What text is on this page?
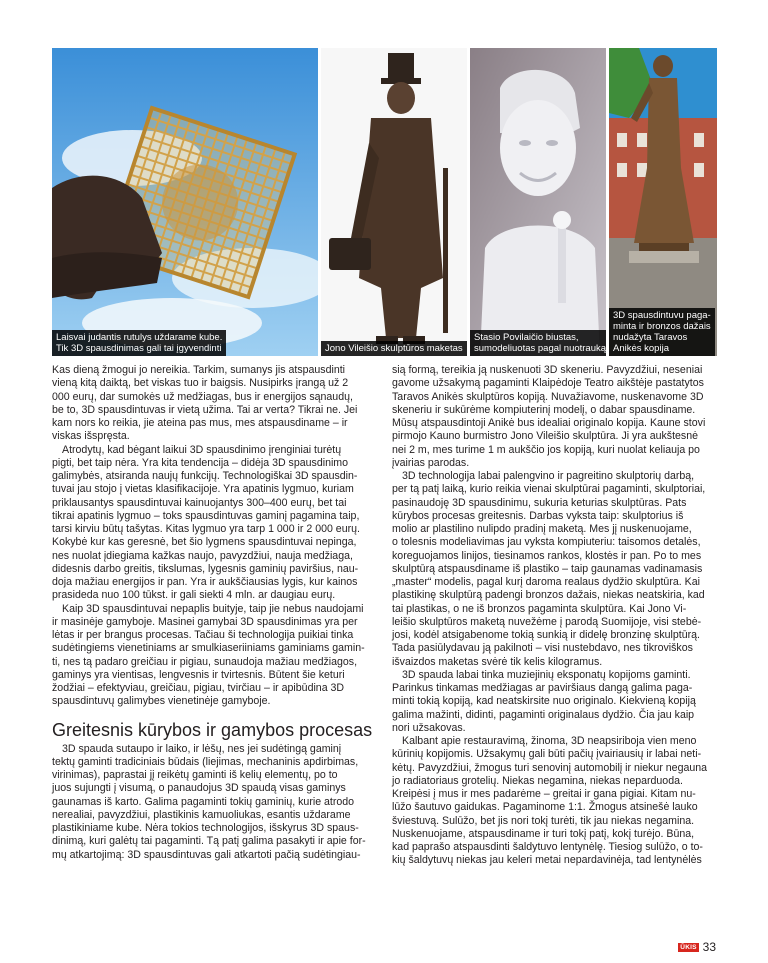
Laisvai judantis rutulys uždarame kube.
Tik 3D spausdinimas gali tai įgyvendinti	Jono Vileišio skulptūros maketas
Stasio Povilaičio biustas,
sumodeliuotas pagal nuotrauką
3D spausdintuvu paga-
minta ir bronzos dažais
nudažyta Taravos
Anikės kopija

Kas dieną žmogui jo nereikia. Tarkim, sumanys jis atspausdinti
vieną kitą daiktą, bet viskas tuo ir baigsis. Nusipirks įrangą už 2
000 eurų, dar sumokės už medžiagas, bus ir energijos sąnaudų,
be to, 3D spausdintuvas ir vietą užima. Tai ar verta? Tikrai ne. Jei
kam nors ko reikia, jie ateina pas mus, mes atspausdiname – ir
viskas išspręsta.

Atrodytų, kad bėgant laikui 3D spausdinimo įrenginiai turėtų
pigti, bet taip nėra. Yra kita tendencija – didėja 3D spausdinimo
galimybės, atsiranda naujų funkcijų. Technologiškai 3D spausdin-
tuvai jau stojo į vietas klasifikacijoje. Yra apatinis lygmuo, kuriam
priklausantys spausdintuvai kainuojantys 300–400 eurų, bet tai
tikrai apatinis lygmuo – toks spausdintuvas gaminį pagamina taip,
tarsi kirviu būtų tašytas. Kitas lygmuo yra tarp 1 000 ir 2 000 eurų.
Kokybė kur kas geresnė, bet šio lygmens spausdintuvai nepinga,
nes nuolat įdiegiama kažkas naujo, pavyzdžiui, nauja medžiaga,
didesnis darbo greitis, tikslumas, lygesnis gaminių paviršius, nau-
doja mažiau energijos ir pan. Yra ir aukščiausias lygis, kur kainos
prasideda nuo 100 tūkst. ir gali siekti 4 mln. ar daugiau eurų.

Kaip 3D spausdintuvai nepaplis buityje, taip jie nebus naudojami
ir masinėje gamyboje. Masinei gamybai 3D spausdinimas yra per
lėtas ir per brangus procesas. Tačiau ši technologija puikiai tinka
sudėtingiems vienetiniams ar smulkiaseriiniams gaminiams gamin-
ti, nes tą padaro greičiau ir pigiau, sunaudoja mažiau medžiagos,
gaminys yra vientisas, lengvesnis ir tvirtesnis. Būtent šie keturi
žodžiai – efektyviau, greičiau, pigiau, tvirčiau – ir apibūdina 3D
spausdintuvų galimybes vienetinėje gamyboje.

Greitesnis kūrybos ir gamybos procesas

3D spauda sutaupo ir laiko, ir lėšų, nes jei sudėtingą gaminį
tektų gaminti tradiciniais būdais (liejimas, mechaninis apdirbimas,
virinimas), paprastai jį reikėtų gaminti iš kelių elementų, po to
juos sujungti į visumą, o panaudojus 3D spaudą visas gaminys
gaunamas iš karto. Galima pagaminti tokių gaminių, kurie atrodo
nerealiai, pavyzdžiui, plastikinis kamuoliukas, esantis uždarame
plastikiniame kube. Nėra tokios technologijos, išskyrus 3D spaus-
dinimą, kuri galėtų tai pagaminti. Tą patį galima pasakyti ir apie for-
mų atkartojimą: 3D spausdintuvas gali atkartoti pačią sudėtingiau-

sią formą, tereikia ją nuskenuoti 3D skeneriu. Pavyzdžiui, neseniai
gavome užsakymą pagaminti Klaipėdoje Teatro aikštėje pastatytos
Taravos Anikės skulptūros kopiją. Nuvažiavome, nuskenavome 3D
skeneriu ir sukūrėme kompiuterinį modelį, o dabar spausdiname.
Mūsų atspausdintoji Anikė bus idealiai originalo kopija. Kaune stovi
pirmojo Kauno burmistro Jono Vileišio skulptūra. Ji yra aukštesnė
nei 2 m, mes turime 1 m aukščio jos kopiją, kuri nuolat keliauja po
įvairias parodas.

3D technologija labai palengvino ir pagreitino skulptorių darbą,
per tą patį laiką, kurio reikia vienai skulptūrai pagaminti, skulptoriai,
pasinaudoję 3D spausdinimu, sukuria keturias skulptūras. Pats
kūrybos procesas greitesnis. Darbas vyksta taip: skulptorius iš
molio ar plastilino nulipdo pradinį maketą. Mes jį nuskenuojame,
o tolesnis modeliavimas jau vyksta kompiuteriu: taisomos detalės,
koreguojamos linijos, tiesinamos rankos, klostės ir pan. Po to mes
skulptūrą atspausdiname iš plastiko – taip gaunamas vadinamasis
„master“ modelis, pagal kurį daroma realaus dydžio skulptūra. Kai
plastikinę skulptūrą padengi bronzos dažais, niekas neatskiria, kad
tai plastikas, o ne iš bronzos pagaminta skulptūra. Kai Jono Vi-
leišio skulptūros maketą nuvežėme į parodą Suomijoje, visi stebė-
josi, kodėl atsigabenome tokią sunkią ir didelę bronzinę skulptūrą.
Tada pasiūlydavau ją pakilnoti – visi nustebdavo, nes tikroviškos
išvaizdos maketas svėrė tik kelis kilogramus.

3D spauda labai tinka muziejinių eksponatų kopijoms gaminti.
Parinkus tinkamas medžiagas ar paviršiaus dangą galima paga-
minti tokią kopiją, kad neatskirsite nuo originalo. Kiekvieną kopiją
galima mažinti, didinti, pagaminti originalaus dydžio. Čia jau kaip
nori užsakovas.

Kalbant apie restauravimą, žinoma, 3D neapsiriboja vien meno
kūrinių kopijomis. Užsakymų gali būti pačių įvairiausių ir labai neti-
kėtų. Pavyzdžiui, žmogus turi senovinį automobilį ir niekur negauna
jo radiatoriaus grotelių. Niekas negamina, niekas neparduoda.
Kreipėsi į mus ir mes padarėme – greitai ir gana pigiai. Kitam nu-
lūžo šautuvo gaidukas. Pagaminome 1:1. Žmogus atsinešė lauko
šviestuvą. Sulūžo, bet jis nori tokį turėti, tik jau niekas negamina.
Nuskenuojame, atspausdiname ir turi tokį patį, kokį turėjo. Būna,
kad paprašo atspausdinti šaldytuvo lentynėlę. Tiesiog sulūžo, o to-
kių šaldytuvų niekas jau keleri metai nepardavinėja, tad lentynėlės

ŪKIS 33
